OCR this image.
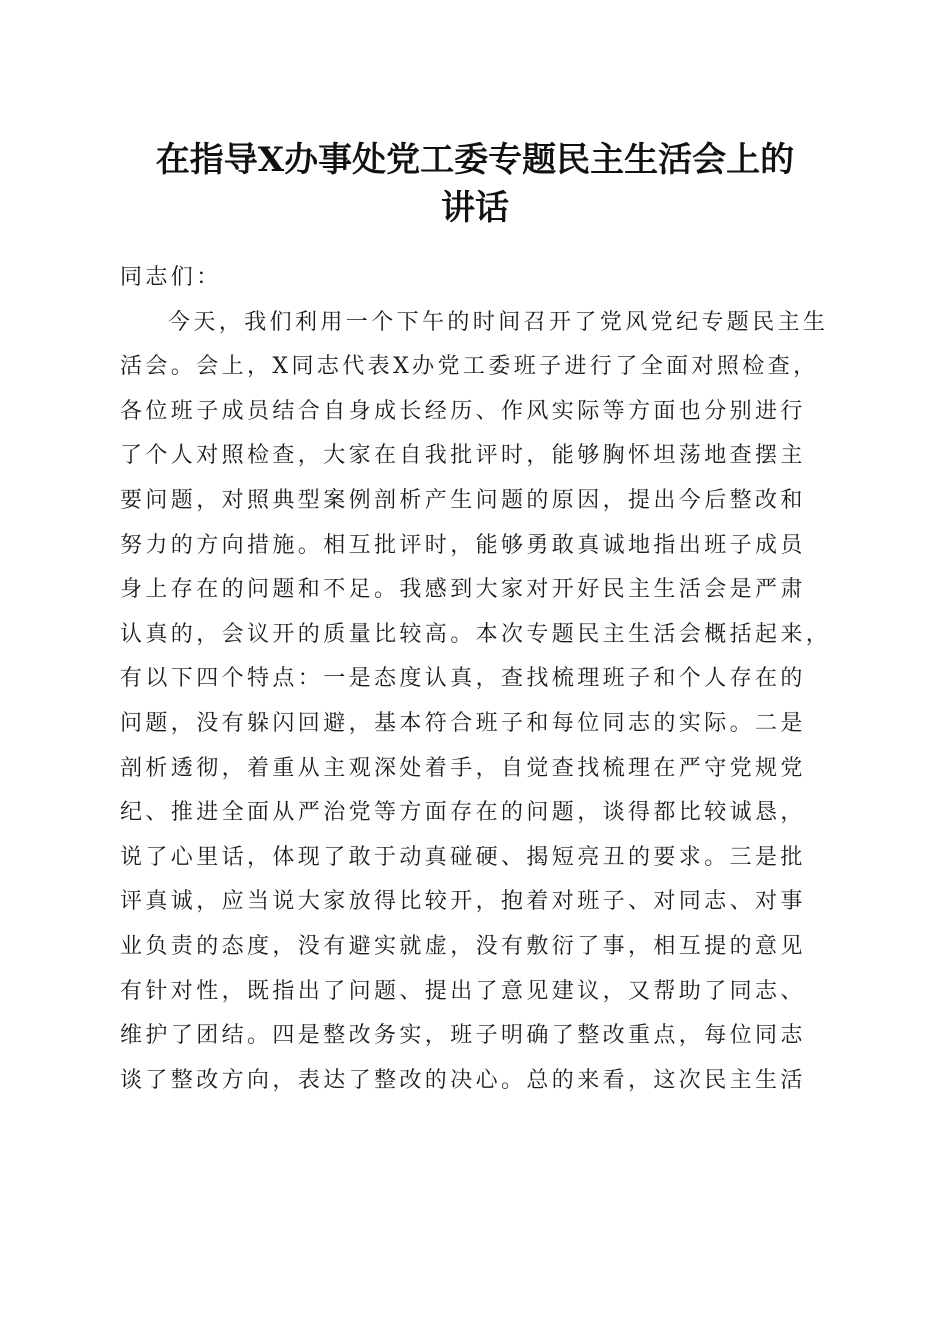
在指导X办事处党工委专题民主生活会上的
讲话
同志们：
今天，我们利用一个下午的时间召开了党风党纪专题民主生
活会。会上，X同志代表X办党工委班子进行了全面对照检查，
各位班子成员结合自身成长经历、作风实际等方面也分别进行
了个人对照检查，大家在自我批评时，能够胸怀坦荡地查摆主
要问题，对照典型案例剖析产生问题的原因，提出今后整改和
努力的方向措施。相互批评时，能够勇敢真诚地指出班子成员
身上存在的问题和不足。我感到大家对开好民主生活会是严肃
认真的，会议开的质量比较高。本次专题民主生活会概括起来，
有以下四个特点：一是态度认真，查找梳理班子和个人存在的
问题，没有躲闪回避，基本符合班子和每位同志的实际。二是
剖析透彻，着重从主观深处着手，自觉查找梳理在严守党规党
纪、推进全面从严治党等方面存在的问题，谈得都比较诚恳，
说了心里话，体现了敢于动真碰硬、揭短亮丑的要求。三是批
评真诚，应当说大家放得比较开，抱着对班子、对同志、对事
业负责的态度，没有避实就虚，没有敷衍了事，相互提的意见
有针对性，既指出了问题、提出了意见建议，又帮助了同志、
维护了团结。四是整改务实，班子明确了整改重点，每位同志
谈了整改方向，表达了整改的决心。总的来看，这次民主生活
